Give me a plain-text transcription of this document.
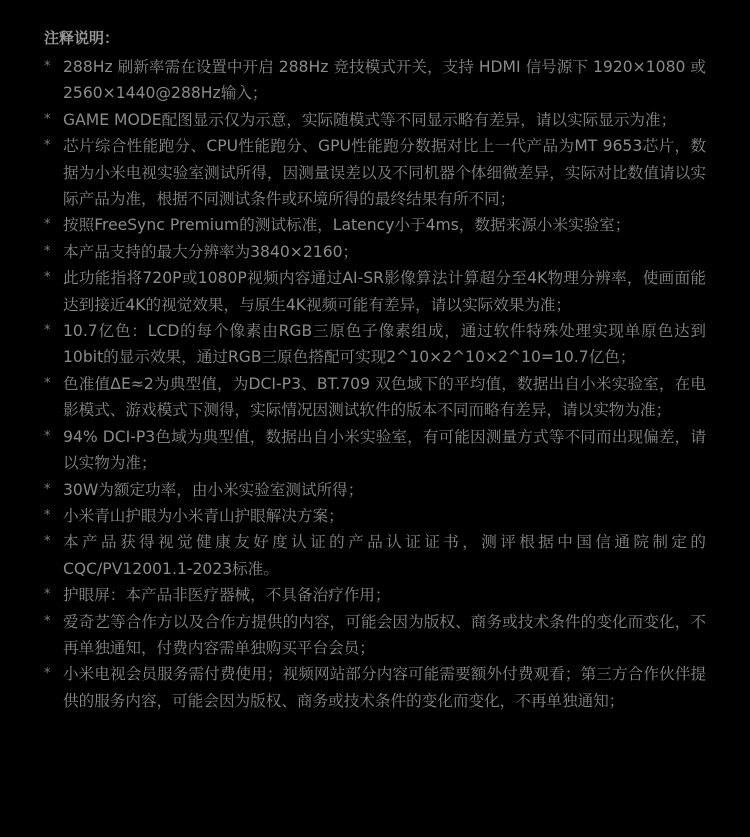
注释说明：
* 288Hz 刷新率需在设置中开启 288Hz 竞技模式开关，支持 HDMI 信号源下 1920×1080 或 2560×1440@288Hz输入；
* GAME MODE配图显示仅为示意，实际随模式等不同显示略有差异，请以实际显示为准；
* 芯片综合性能跑分、CPU性能跑分、GPU性能跑分数据对比上一代产品为MT 9653芯片，数据为小米电视实验室测试所得，因测量误差以及不同机器个体细微差异，实际对比数值请以实际产品为准，根据不同测试条件或环境所得的最终结果有所不同；
* 按照FreeSync Premium的测试标准，Latency小于4ms，数据来源小米实验室；
* 本产品支持的最大分辨率为3840×2160；
* 此功能指将720P或1080P视频内容通过AI-SR影像算法计算超分至4K物理分辨率，使画面能达到接近4K的视觉效果，与原生4K视频可能有差异，请以实际效果为准；
* 10.7亿色：LCD的每个像素由RGB三原色子像素组成，通过软件特殊处理实现单原色达到10bit的显示效果，通过RGB三原色搭配可实现2^10×2^10×2^10=10.7亿色；
* 色准值ΔE≈2为典型值，为DCI-P3、BT.709 双色域下的平均值，数据出自小米实验室，在电影模式、游戏模式下测得，实际情况因测试软件的版本不同而略有差异，请以实物为准；
* 94% DCI-P3色域为典型值，数据出自小米实验室，有可能因测量方式等不同而出现偏差，请以实物为准；
* 30W为额定功率，由小米实验室测试所得；
* 小米青山护眼为小米青山护眼解决方案；
* 本产品获得视觉健康友好度认证的产品认证证书，测评根据中国信通院制定的CQC/PV12001.1-2023标准。
* 护眼屏：本产品非医疗器械，不具备治疗作用；
* 爱奇艺等合作方以及合作方提供的内容，可能会因为版权、商务或技术条件的变化而变化，不再单独通知，付费内容需单独购买平台会员；
* 小米电视会员服务需付费使用；视频网站部分内容可能需要额外付费观看；第三方合作伙伴提供的服务内容，可能会因为版权、商务或技术条件的变化而变化，不再单独通知；
